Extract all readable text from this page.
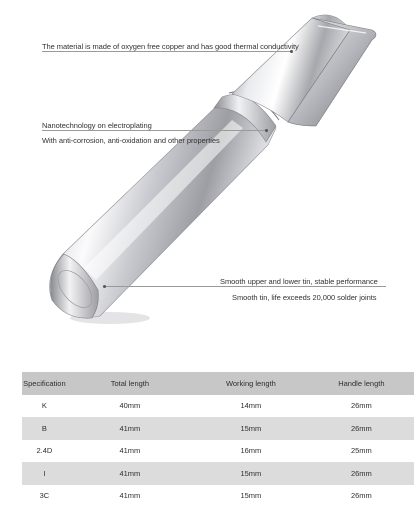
The material is made of oxygen free copper and has good thermal conductivity
Nanotechnology on electroplating
With anti-corrosion, anti-oxidation and other properties
Smooth upper and lower tin, stable performance
Smooth tin, life exceeds 20,000 solder joints
Specification	Total length	Working length	Handle length
K	40mm	14mm	26mm
B	41mm	15mm	26mm
2.4D	41mm	16mm	25mm
I	41mm	15mm	26mm
3C	41mm	15mm	26mm
